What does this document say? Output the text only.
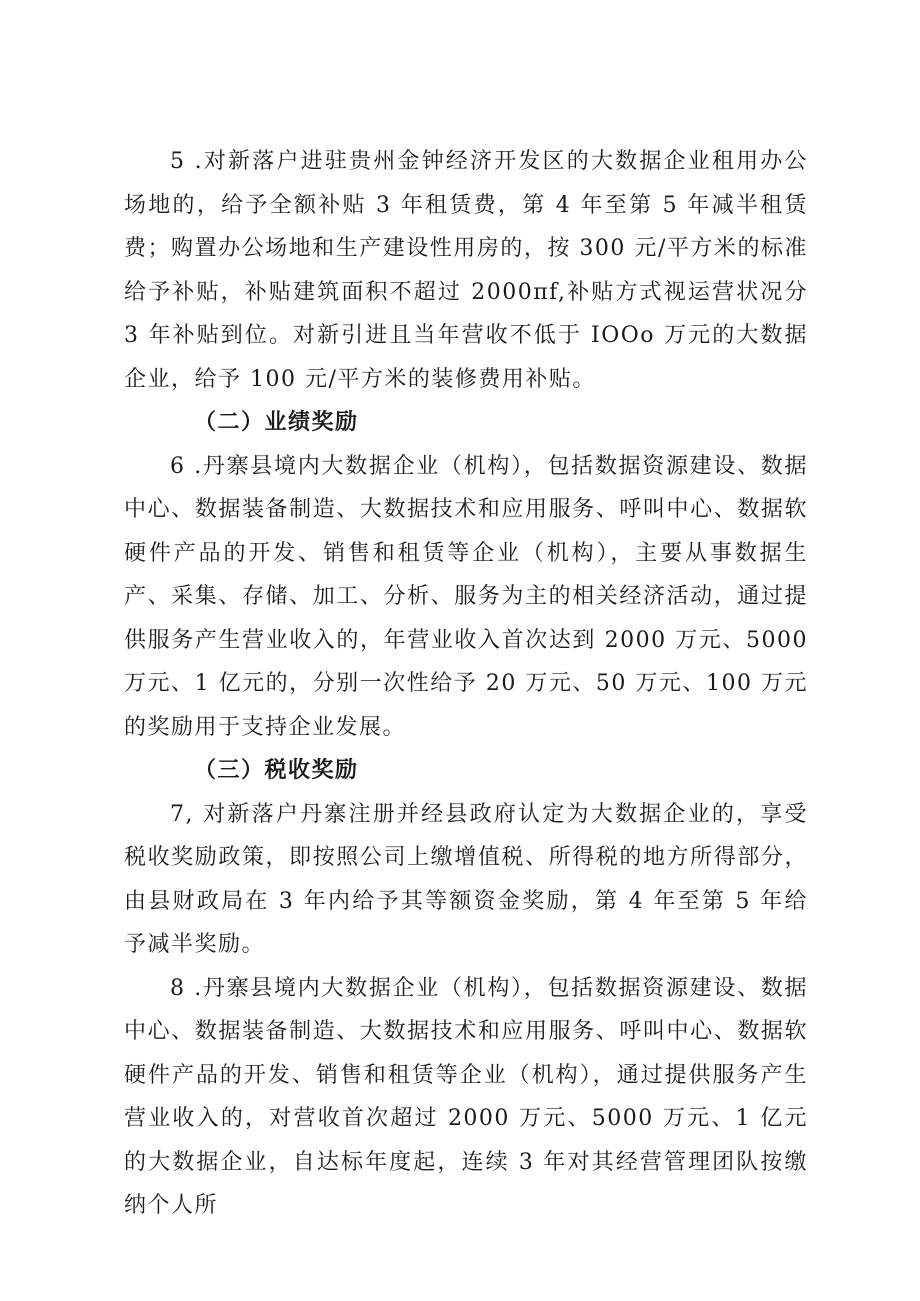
5 .对新落户进驻贵州金钟经济开发区的大数据企业租用办公场地的，给予全额补贴 3 年租赁费，第 4 年至第 5 年减半租赁费；购置办公场地和生产建设性用房的，按 300 元/平方米的标准给予补贴，补贴建筑面积不超过 2000πf,补贴方式视运营状况分 3 年补贴到位。对新引进且当年营收不低于 IOOo 万元的大数据企业，给予 100 元/平方米的装修费用补贴。

（二）业绩奖励

6 .丹寨县境内大数据企业（机构），包括数据资源建设、数据中心、数据装备制造、大数据技术和应用服务、呼叫中心、数据软硬件产品的开发、销售和租赁等企业（机构），主要从事数据生产、采集、存储、加工、分析、服务为主的相关经济活动，通过提供服务产生营业收入的，年营业收入首次达到 2000 万元、5000 万元、1 亿元的，分别一次性给予 20 万元、50 万元、100 万元的奖励用于支持企业发展。

（三）税收奖励

7, 对新落户丹寨注册并经县政府认定为大数据企业的，享受税收奖励政策，即按照公司上缴增值税、所得税的地方所得部分，由县财政局在 3 年内给予其等额资金奖励，第 4 年至第 5 年给予减半奖励。

8 .丹寨县境内大数据企业（机构），包括数据资源建设、数据中心、数据装备制造、大数据技术和应用服务、呼叫中心、数据软硬件产品的开发、销售和租赁等企业（机构），通过提供服务产生营业收入的，对营收首次超过 2000 万元、5000 万元、1 亿元的大数据企业，自达标年度起，连续 3 年对其经营管理团队按缴纳个人所
